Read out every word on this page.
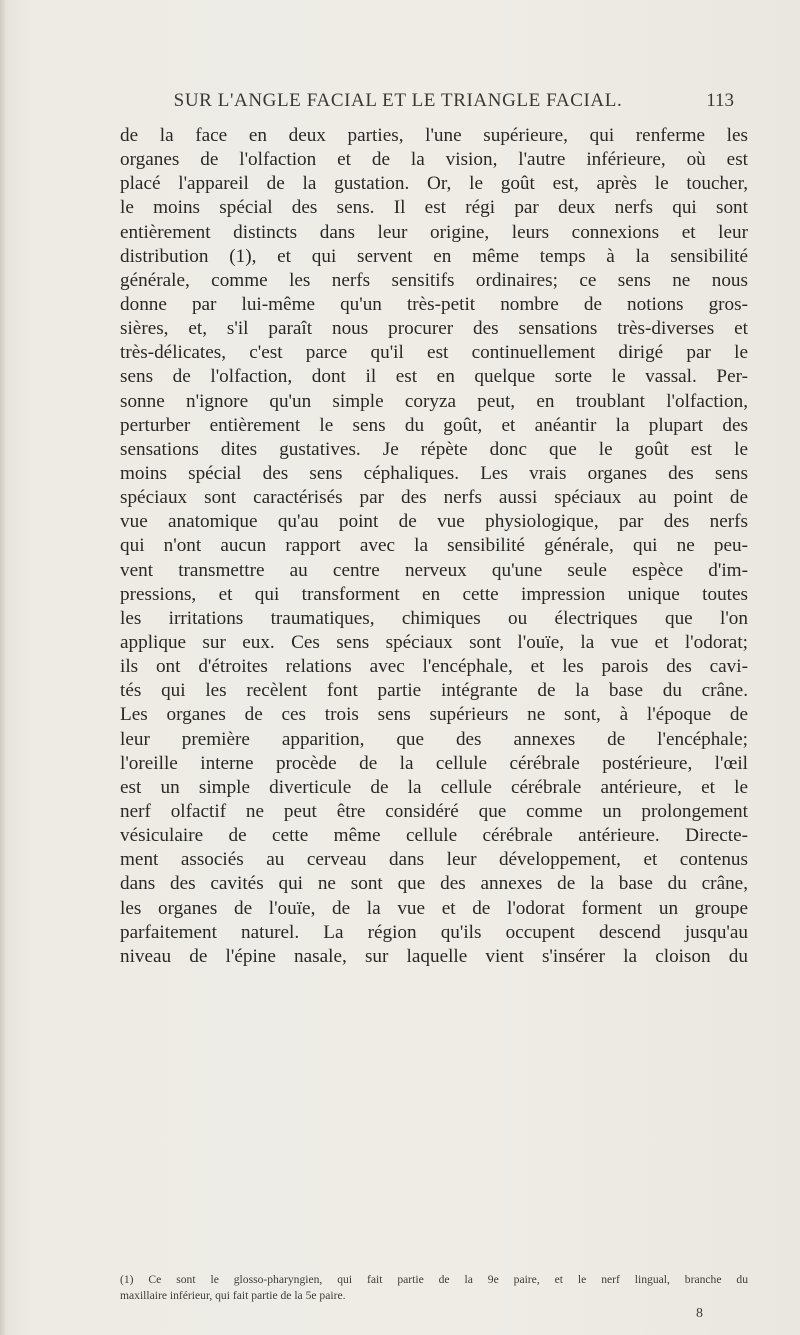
SUR L'ANGLE FACIAL ET LE TRIANGLE FACIAL.	113
de la face en deux parties, l'une supérieure, qui renferme les
organes de l'olfaction et de la vision, l'autre inférieure, où est
placé l'appareil de la gustation. Or, le goût est, après le toucher,
le moins spécial des sens. Il est régi par deux nerfs qui sont
entièrement distincts dans leur origine, leurs connexions et leur
distribution (1), et qui servent en même temps à la sensibilité
générale, comme les nerfs sensitifs ordinaires; ce sens ne nous
donne par lui-même qu'un très-petit nombre de notions gros-
sières, et, s'il paraît nous procurer des sensations très-diverses et
très-délicates, c'est parce qu'il est continuellement dirigé par le
sens de l'olfaction, dont il est en quelque sorte le vassal. Per-
sonne n'ignore qu'un simple coryza peut, en troublant l'olfaction,
perturber entièrement le sens du goût, et anéantir la plupart des
sensations dites gustatives. Je répète donc que le goût est le
moins spécial des sens céphaliques. Les vrais organes des sens
spéciaux sont caractérisés par des nerfs aussi spéciaux au point de
vue anatomique qu'au point de vue physiologique, par des nerfs
qui n'ont aucun rapport avec la sensibilité générale, qui ne peu-
vent transmettre au centre nerveux qu'une seule espèce d'im-
pressions, et qui transforment en cette impression unique toutes
les irritations traumatiques, chimiques ou électriques que l'on
applique sur eux. Ces sens spéciaux sont l'ouïe, la vue et l'odorat;
ils ont d'étroites relations avec l'encéphale, et les parois des cavi-
tés qui les recèlent font partie intégrante de la base du crâne.
Les organes de ces trois sens supérieurs ne sont, à l'époque de
leur première apparition, que des annexes de l'encéphale;
l'oreille interne procède de la cellule cérébrale postérieure, l'œil
est un simple diverticule de la cellule cérébrale antérieure, et le
nerf olfactif ne peut être considéré que comme un prolongement
vésiculaire de cette même cellule cérébrale antérieure. Directe-
ment associés au cerveau dans leur développement, et contenus
dans des cavités qui ne sont que des annexes de la base du crâne,
les organes de l'ouïe, de la vue et de l'odorat forment un groupe
parfaitement naturel. La région qu'ils occupent descend jusqu'au
niveau de l'épine nasale, sur laquelle vient s'insérer la cloison du
(1) Ce sont le glosso-pharyngien, qui fait partie de la 9e paire, et le nerf lingual, branche du
maxillaire inférieur, qui fait partie de la 5e paire.
8
